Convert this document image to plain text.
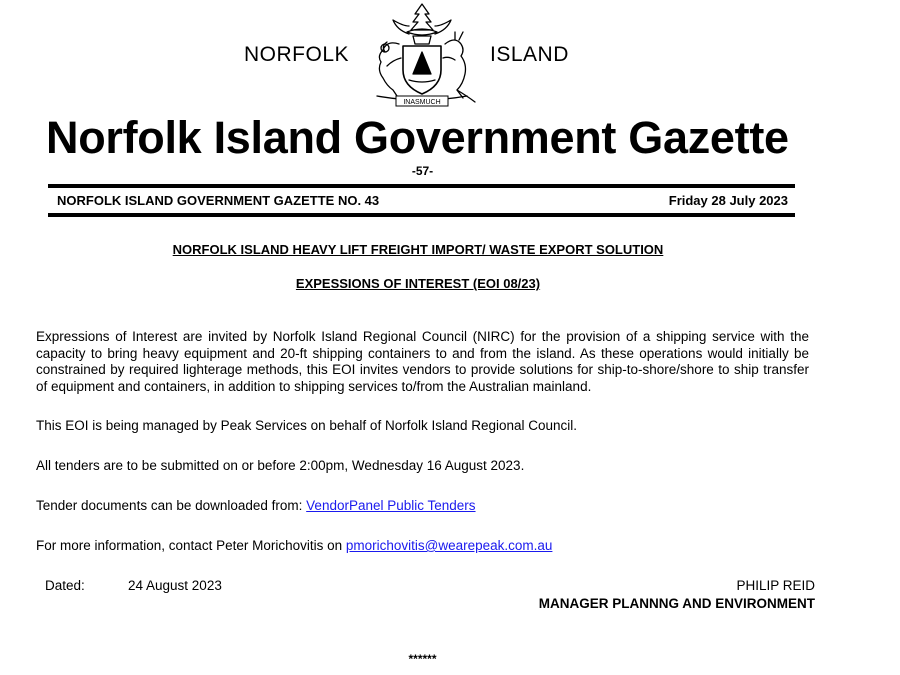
NORFOLK
INASMUCH
ISLAND
Norfolk Island Government Gazette
-57-
NORFOLK ISLAND GOVERNMENT GAZETTE NO. 43	Friday 28 July 2023
NORFOLK ISLAND HEAVY LIFT FREIGHT IMPORT/ WASTE EXPORT SOLUTION
EXPESSIONS OF INTEREST (EOI 08/23)
Expressions of Interest are invited by Norfolk Island Regional Council (NIRC) for the provision of a shipping service with the capacity to bring heavy equipment and 20-ft shipping containers to and from the island. As these operations would initially be constrained by required lighterage methods, this EOI invites vendors to provide solutions for ship-to-shore/shore to ship transfer of equipment and containers, in addition to shipping services to/from the Australian mainland.
This EOI is being managed by Peak Services on behalf of Norfolk Island Regional Council.
All tenders are to be submitted on or before 2:00pm, Wednesday 16 August 2023.
Tender documents can be downloaded from: VendorPanel Public Tenders
For more information, contact Peter Morichovitis on pmorichovitis@wearepeak.com.au
Dated:	24 August 2023	PHILIP REID
MANAGER PLANNNG AND ENVIRONMENT
******
